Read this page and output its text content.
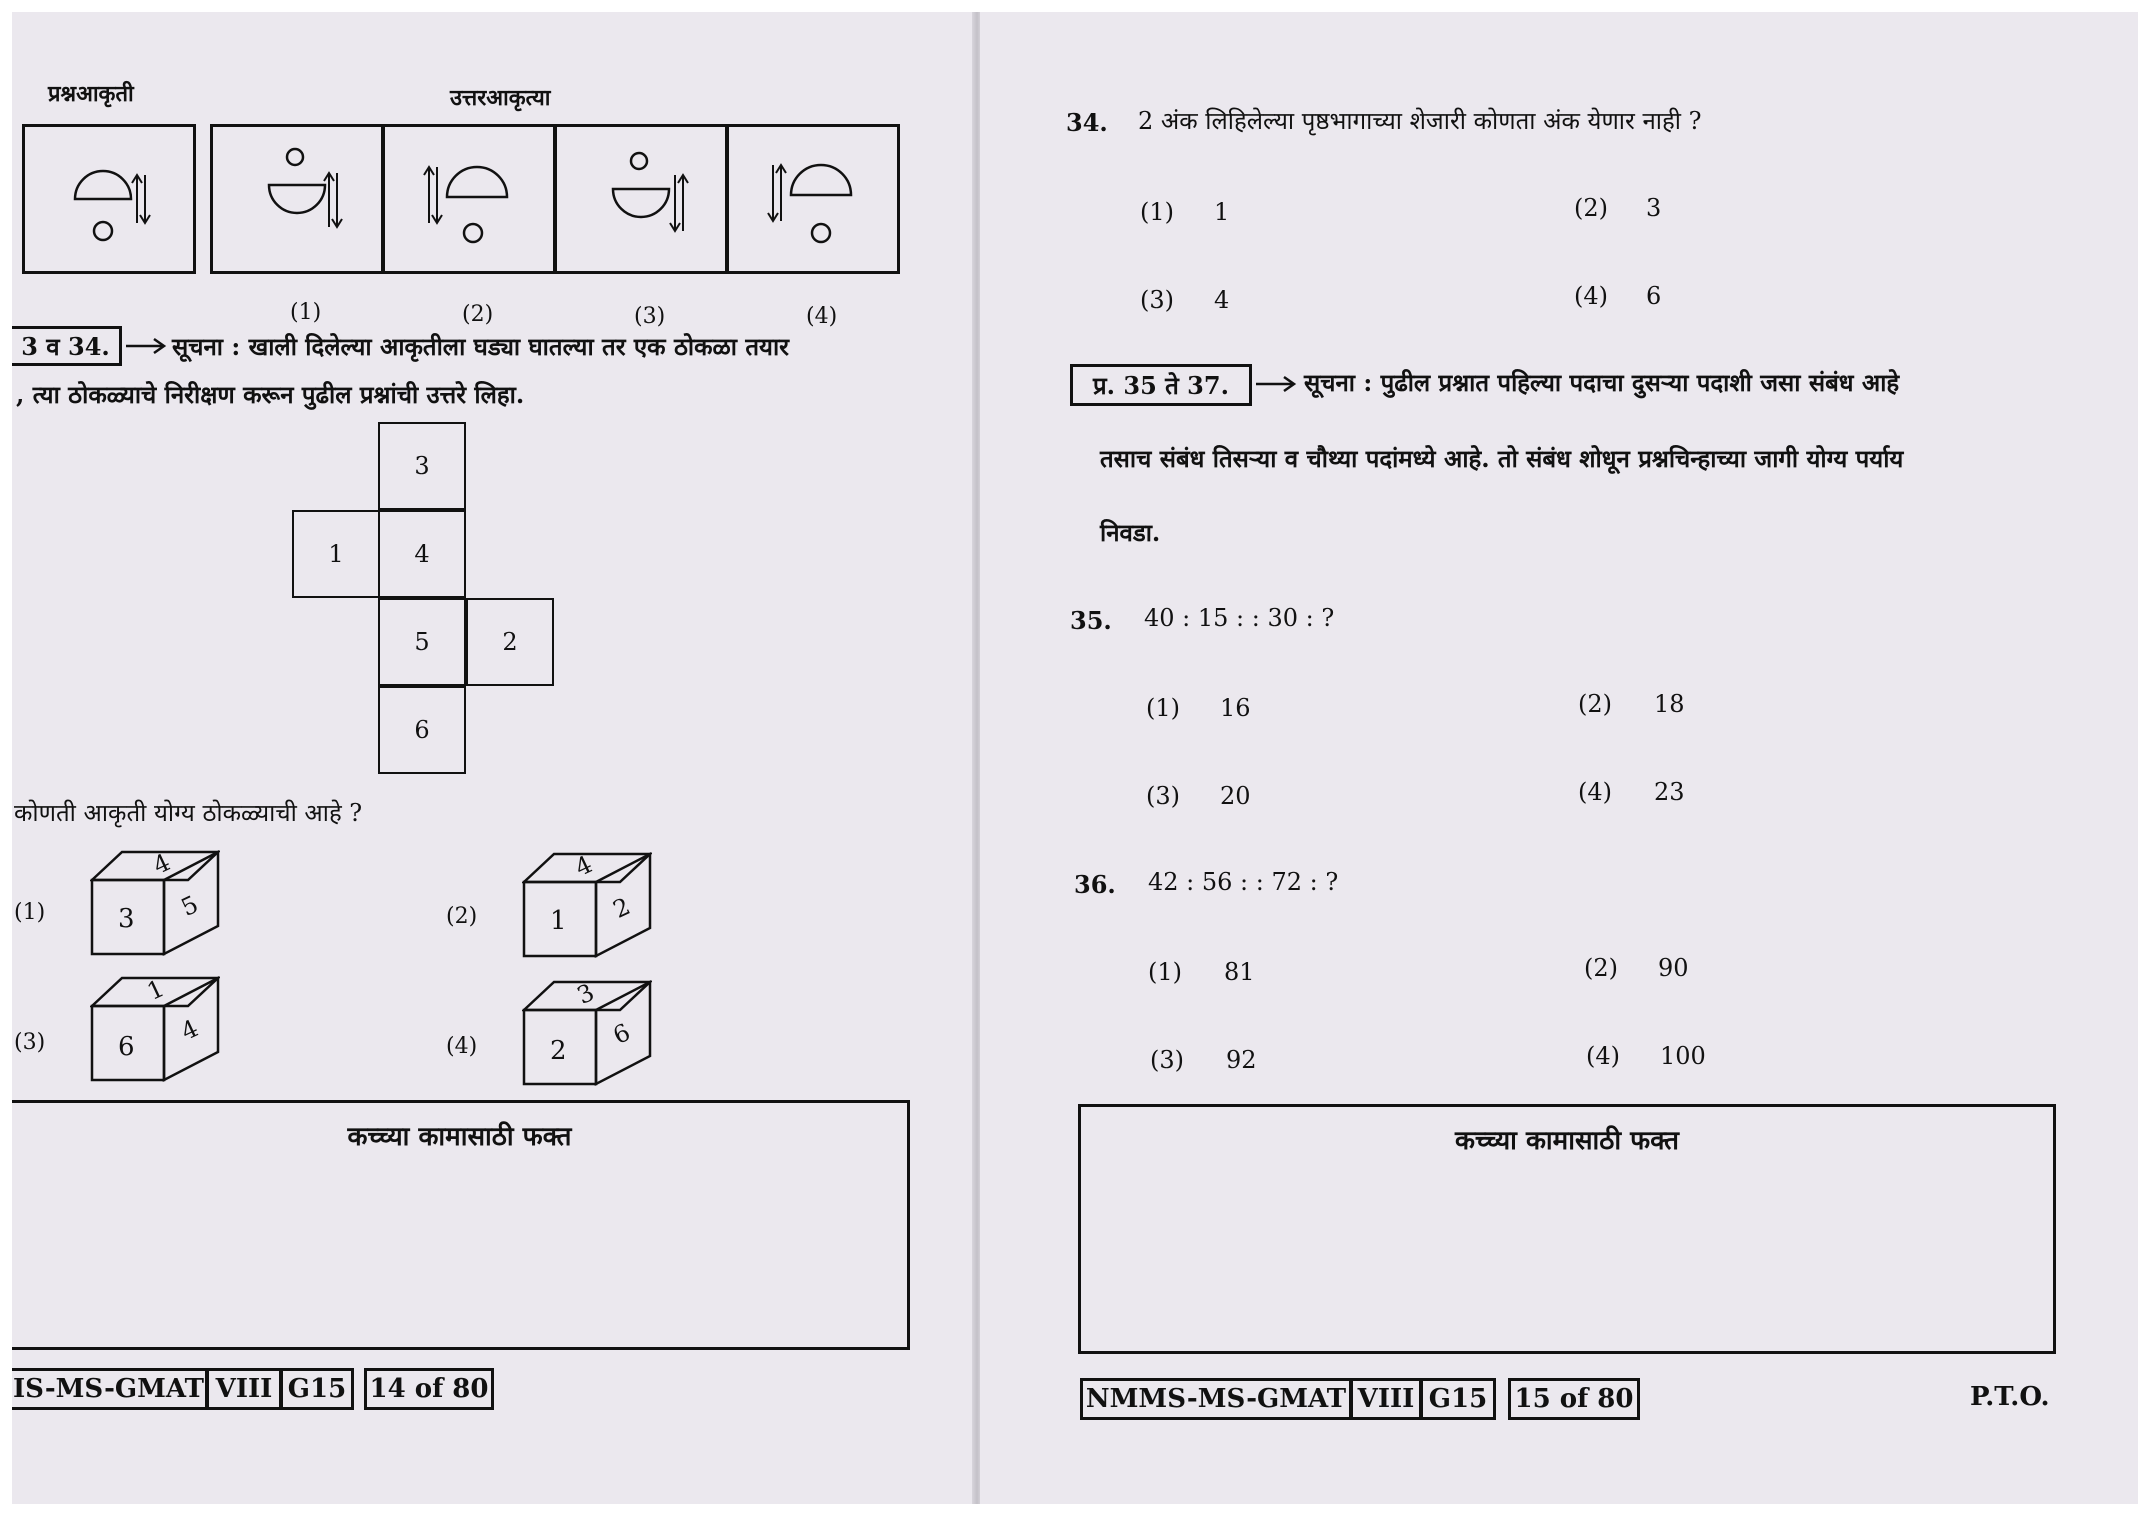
प्रश्नआकृती	उत्तरआकृत्या
(1)	(2)	(3)	(4)
3 व 34.	सूचना : खाली दिलेल्या आकृतीला घड्या घातल्या तर एक ठोकळा तयार
, त्या ठोकळ्याचे निरीक्षण करून पुढील प्रश्नांची उत्तरे लिहा.
3
1	4
5	2
6
कोणती आकृती योग्य ठोकळ्याची आहे ?
(1)
4
3 5	(2)
4
1 2
(3)
1
6
4
(4)
3
2
6
कच्च्या कामासाठी फक्त
IS-MS-GMAT VIII G15 14 of 80
34. 2 अंक लिहिलेल्या पृष्ठभागाच्या शेजारी कोणता अंक येणार नाही ?
(1) 1	(2) 3
(3) 4	(4) 6
प्र. 35 ते 37.	सूचना : पुढील प्रश्नात पहिल्या पदाचा दुसऱ्या पदाशी जसा संबंध आहे
तसाच संबंध तिसऱ्या व चौथ्या पदांमध्ये आहे. तो संबंध शोधून प्रश्नचिन्हाच्या जागी योग्य पर्याय
निवडा.
35. 40 : 15 : : 30 : ?
(1) 16	(2) 18
(3) 20	(4) 23
36. 42 : 56 : : 72 : ?
(1) 81	(2) 90
(3) 92	(4) 100
कच्च्या कामासाठी फक्त
NMMS-MS-GMAT VIII G15	15 of 80	P.T.O.
